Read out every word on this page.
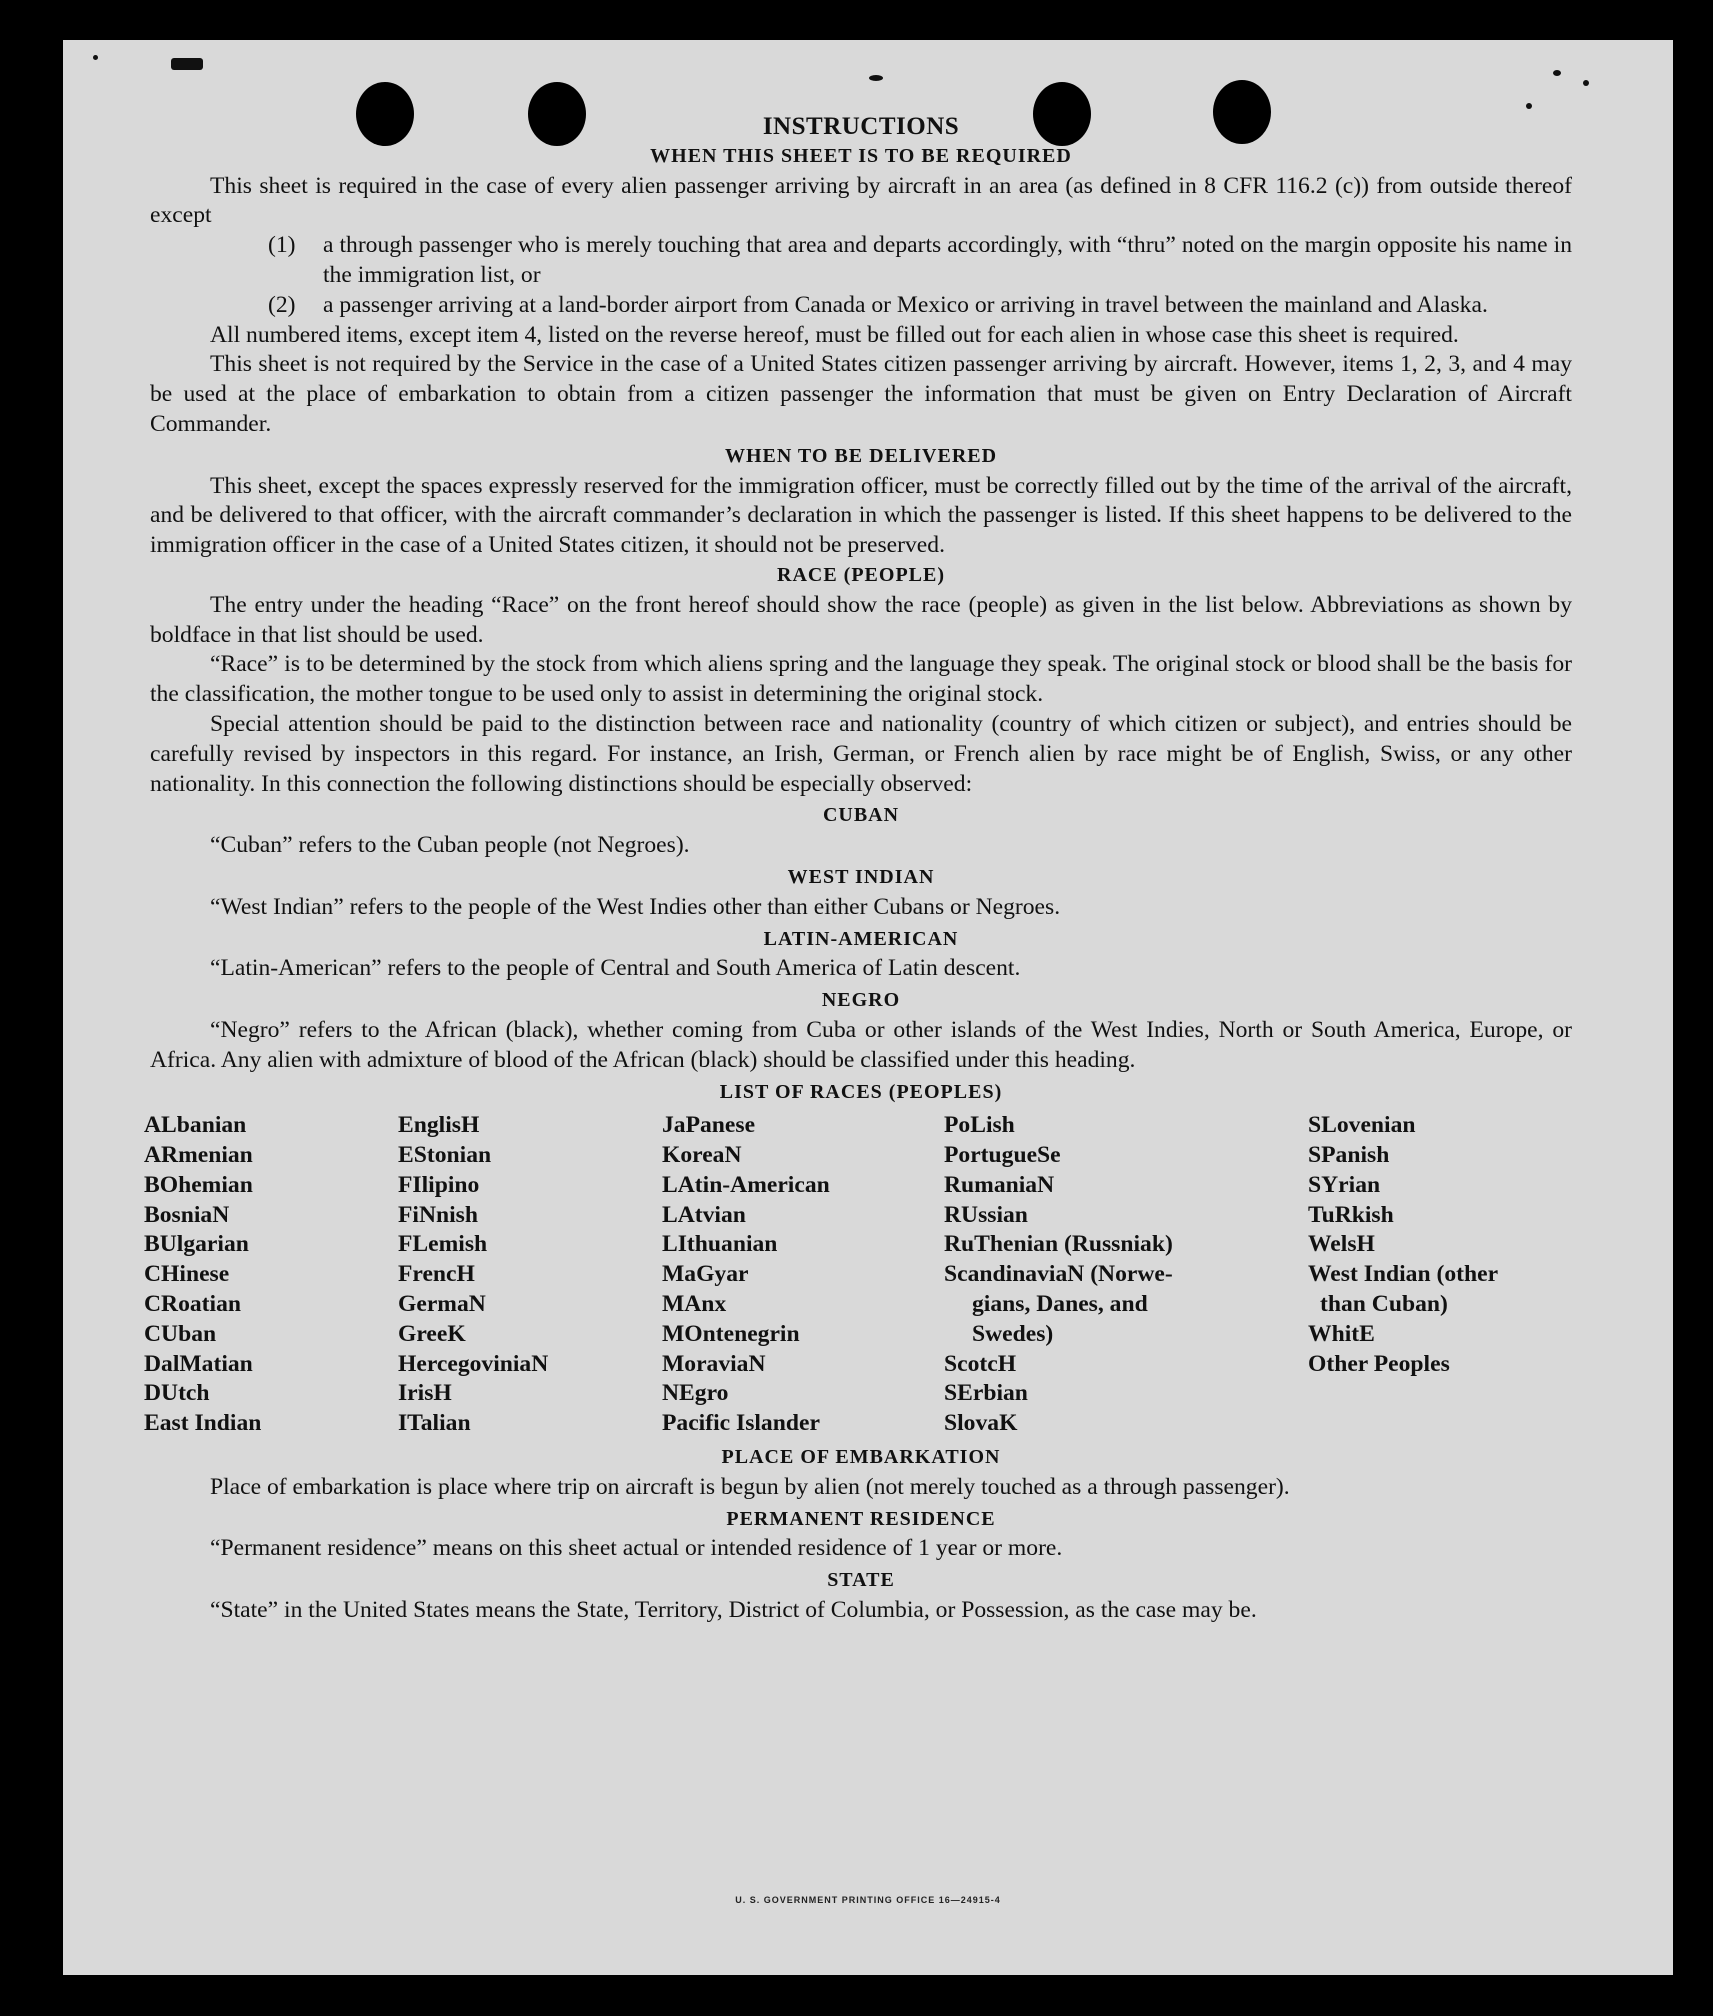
U. S. GOVERNMENT PRINTING OFFICE 16—24915-4

INSTRUCTIONS

WHEN THIS SHEET IS TO BE REQUIRED

This sheet is required in the case of every alien passenger arriving by aircraft in an area (as defined in 8 CFR 116.2 (c)) from outside thereof except

(1)	a through passenger who is merely touching that area and departs accordingly, with “thru” noted on the margin opposite his name in the immigration list, or
(2)	a passenger arriving at a land-border airport from Canada or Mexico or arriving in travel between the mainland and Alaska.

All numbered items, except item 4, listed on the reverse hereof, must be filled out for each alien in whose case this sheet is required.

This sheet is not required by the Service in the case of a United States citizen passenger arriving by aircraft. However, items 1, 2, 3, and 4 may be used at the place of embarkation to obtain from a citizen passenger the information that must be given on Entry Declaration of Aircraft Commander.

WHEN TO BE DELIVERED

This sheet, except the spaces expressly reserved for the immigration officer, must be correctly filled out by the time of the arrival of the aircraft, and be delivered to that officer, with the aircraft commander’s declaration in which the passenger is listed. If this sheet happens to be delivered to the immigration officer in the case of a United States citizen, it should not be preserved.

RACE (PEOPLE)

The entry under the heading “Race” on the front hereof should show the race (people) as given in the list below. Abbreviations as shown by boldface in that list should be used.

“Race” is to be determined by the stock from which aliens spring and the language they speak. The original stock or blood shall be the basis for the classification, the mother tongue to be used only to assist in determining the original stock.

Special attention should be paid to the distinction between race and nationality (country of which citizen or subject), and entries should be carefully revised by inspectors in this regard. For instance, an Irish, German, or French alien by race might be of English, Swiss, or any other nationality. In this connection the following distinctions should be especially observed:

CUBAN

“Cuban” refers to the Cuban people (not Negroes).

WEST INDIAN

“West Indian” refers to the people of the West Indies other than either Cubans or Negroes.

LATIN-AMERICAN

“Latin-American” refers to the people of Central and South America of Latin descent.

NEGRO

“Negro” refers to the African (black), whether coming from Cuba or other islands of the West Indies, North or South America, Europe, or Africa. Any alien with admixture of blood of the African (black) should be classified under this heading.

LIST OF RACES (PEOPLES)

ALbanian
ARmenian
BOhemian
BosniaN
BUlgarian
CHinese
CRoatian
CUban
DalMatian
DUtch
East Indian
EnglisH
EStonian
FIlipino
FiNnish
FLemish
FrencH
GermaN
GreeK
HercegoviniaN
IrisH
ITalian
JaPanese
KoreaN
LAtin-American
LAtvian
LIthuanian
MaGyar
MAnx
MOntenegrin
MoraviaN
NEgro
Pacific Islander
PoLish
PortugueSe
RumaniaN
RUssian
RuThenian (Russniak)
ScandinaviaN (Norwe-
gians, Danes, and
Swedes)
ScotcH
SErbian
SlovaK
SLovenian
SPanish
SYrian
TuRkish
WelsH
West Indian (other
than Cuban)
WhitE
Other Peoples

PLACE OF EMBARKATION

Place of embarkation is place where trip on aircraft is begun by alien (not merely touched as a through passenger).

PERMANENT RESIDENCE

“Permanent residence” means on this sheet actual or intended residence of 1 year or more.

STATE

“State” in the United States means the State, Territory, District of Columbia, or Possession, as the case may be.
